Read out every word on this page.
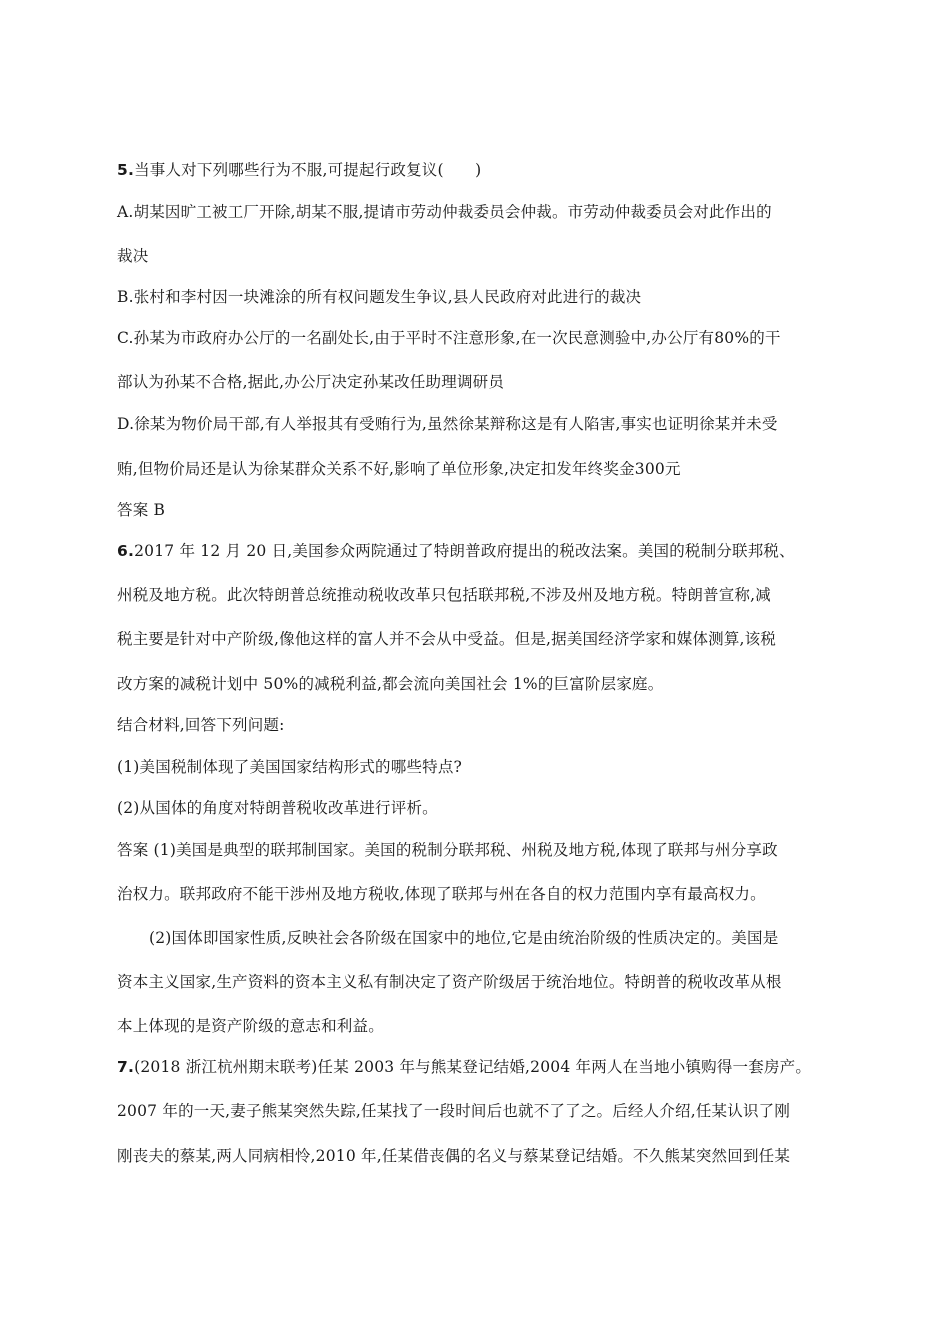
5.当事人对下列哪些行为不服,可提起行政复议(　　)
A.胡某因旷工被工厂开除,胡某不服,提请市劳动仲裁委员会仲裁。市劳动仲裁委员会对此作出的
裁决
B.张村和李村因一块滩涂的所有权问题发生争议,县人民政府对此进行的裁决
C.孙某为市政府办公厅的一名副处长,由于平时不注意形象,在一次民意测验中,办公厅有80%的干
部认为孙某不合格,据此,办公厅决定孙某改任助理调研员
D.徐某为物价局干部,有人举报其有受贿行为,虽然徐某辩称这是有人陷害,事实也证明徐某并未受
贿,但物价局还是认为徐某群众关系不好,影响了单位形象,决定扣发年终奖金300元
答案 B
6.2017 年 12 月 20 日,美国参众两院通过了特朗普政府提出的税改法案。美国的税制分联邦税、
州税及地方税。此次特朗普总统推动税收改革只包括联邦税,不涉及州及地方税。特朗普宣称,减
税主要是针对中产阶级,像他这样的富人并不会从中受益。但是,据美国经济学家和媒体测算,该税
改方案的减税计划中 50%的减税利益,都会流向美国社会 1%的巨富阶层家庭。
结合材料,回答下列问题:
(1)美国税制体现了美国国家结构形式的哪些特点?
(2)从国体的角度对特朗普税收改革进行评析。
答案 (1)美国是典型的联邦制国家。美国的税制分联邦税、州税及地方税,体现了联邦与州分享政
治权力。联邦政府不能干涉州及地方税收,体现了联邦与州在各自的权力范围内享有最高权力。
(2)国体即国家性质,反映社会各阶级在国家中的地位,它是由统治阶级的性质决定的。美国是
资本主义国家,生产资料的资本主义私有制决定了资产阶级居于统治地位。特朗普的税收改革从根
本上体现的是资产阶级的意志和利益。
7.(2018 浙江杭州期末联考)任某 2003 年与熊某登记结婚,2004 年两人在当地小镇购得一套房产。
2007 年的一天,妻子熊某突然失踪,任某找了一段时间后也就不了了之。后经人介绍,任某认识了刚
刚丧夫的蔡某,两人同病相怜,2010 年,任某借丧偶的名义与蔡某登记结婚。不久熊某突然回到任某
